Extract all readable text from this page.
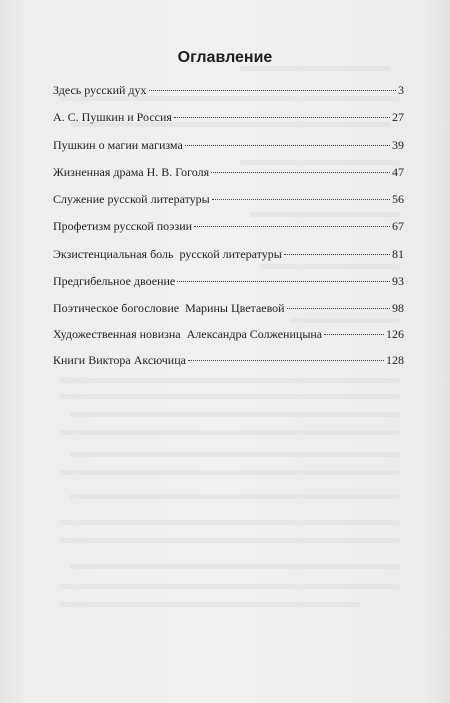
Оглавление
Здесь русский дух	3
А. С. Пушкин и Россия	27
Пушкин о магии магизма	39
Жизненная драма Н. В. Гоголя	47
Служение русской литературы	56
Профетизм русской поэзии	67
Экзистенциальная боль  русской литературы	81
Предгибельное двоение	93
Поэтическое богословие  Марины Цветаевой	98
Художественная новизна  Александра Солженицына	126
Книги Виктора Аксючица	128
